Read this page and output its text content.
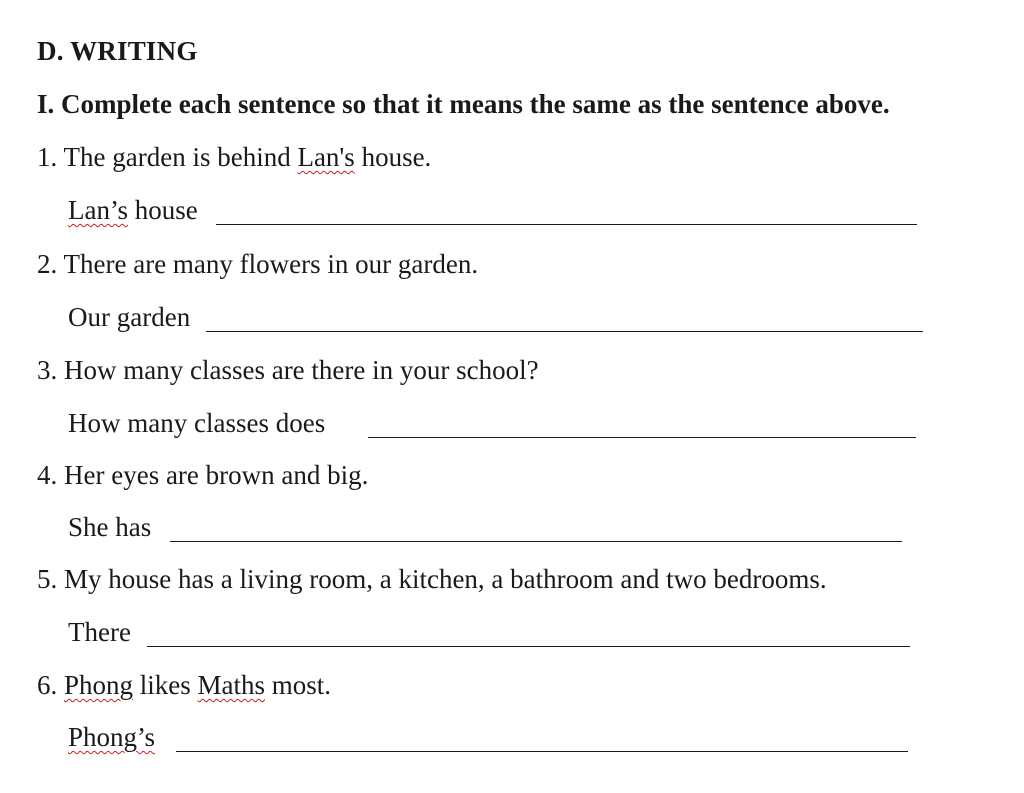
D. WRITING
I. Complete each sentence so that it means the same as the sentence above.
1. The garden is behind Lan's house.
Lan’s house
2. There are many flowers in our garden.
Our garden
3. How many classes are there in your school?
How many classes does
4. Her eyes are brown and big.
She has
5. My house has a living room, a kitchen, a bathroom and two bedrooms.
There
6. Phong likes Maths most.
Phong’s
